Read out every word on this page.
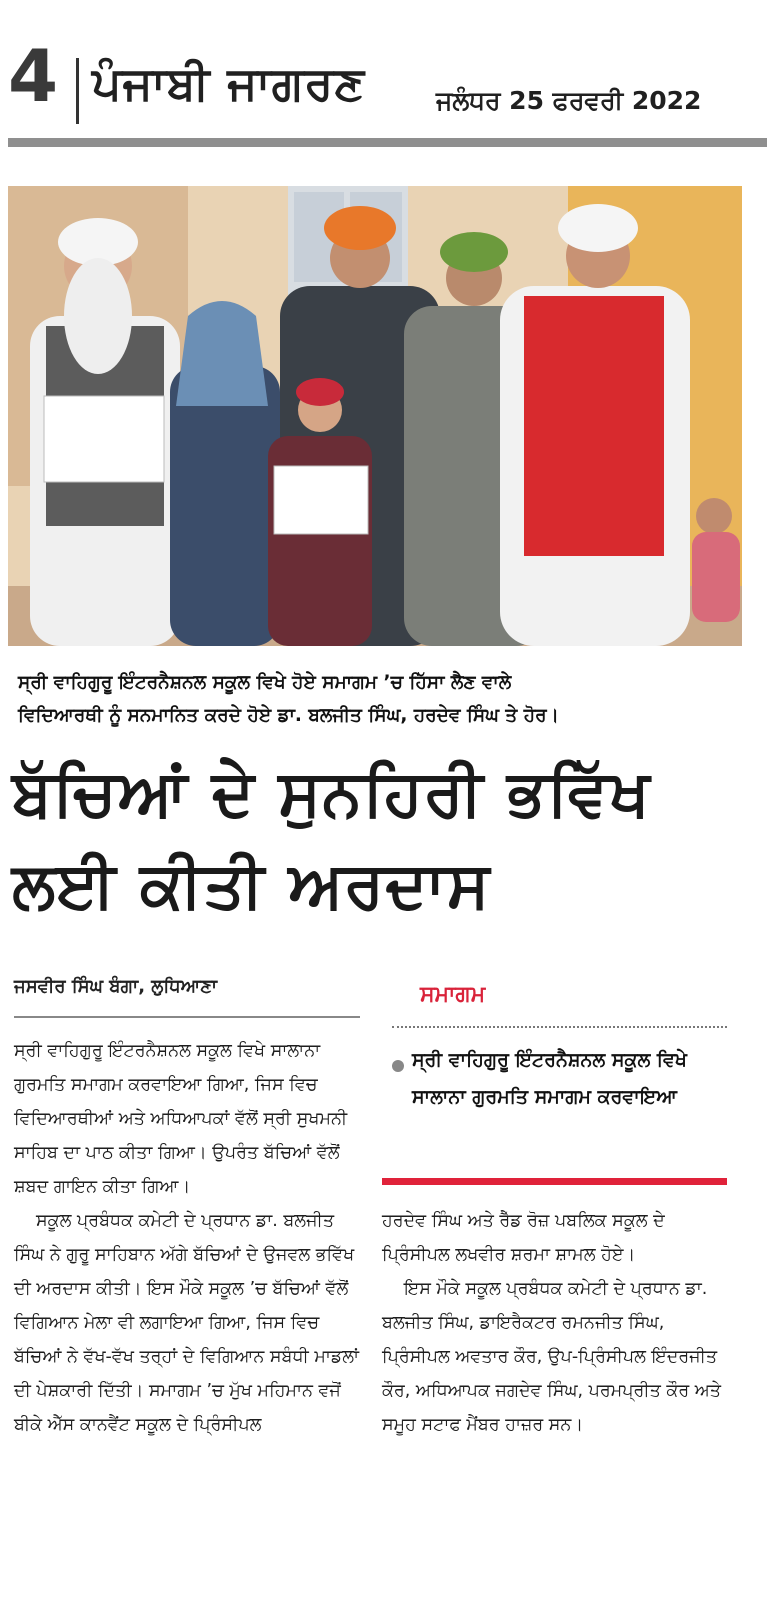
4 ਪੰਜਾਬੀ ਜਾਗਰਣ	ਜਲੰਧਰ 25 ਫਰਵਰੀ 2022
ਸ੍ਰੀ ਵਾਹਿਗੁਰੂ ਇੰਟਰਨੈਸ਼ਨਲ ਸਕੂਲ ਵਿਖੇ ਹੋਏ ਸਮਾਗਮ ’ਚ ਹਿੱਸਾ ਲੈਣ ਵਾਲੇ
ਵਿਦਿਆਰਥੀ ਨੂੰ ਸਨਮਾਨਿਤ ਕਰਦੇ ਹੋਏ ਡਾ. ਬਲਜੀਤ ਸਿੰਘ, ਹਰਦੇਵ ਸਿੰਘ ਤੇ ਹੋਰ।
ਬੱਚਿਆਂ ਦੇ ਸੁਨਹਿਰੀ ਭਵਿੱਖ
ਲਈ ਕੀਤੀ ਅਰਦਾਸ
ਜਸਵੀਰ ਸਿੰਘ ਬੰਗਾ, ਲੁਧਿਆਣਾ

ਸ੍ਰੀ ਵਾਹਿਗੁਰੂ ਇੰਟਰਨੈਸ਼ਨਲ ਸਕੂਲ ਵਿਖੇ ਸਾਲਾਨਾ ਗੁਰਮਤਿ ਸਮਾਗਮ ਕਰਵਾਇਆ ਗਿਆ, ਜਿਸ ਵਿਚ ਵਿਦਿਆਰਥੀਆਂ ਅਤੇ ਅਧਿਆਪਕਾਂ ਵੱਲੋਂ ਸ੍ਰੀ ਸੁਖਮਨੀ ਸਾਹਿਬ ਦਾ ਪਾਠ ਕੀਤਾ ਗਿਆ। ਉਪਰੰਤ ਬੱਚਿਆਂ ਵੱਲੋਂ ਸ਼ਬਦ ਗਾਇਨ ਕੀਤਾ ਗਿਆ।

ਸਕੂਲ ਪ੍ਰਬੰਧਕ ਕਮੇਟੀ ਦੇ ਪ੍ਰਧਾਨ ਡਾ. ਬਲਜੀਤ ਸਿੰਘ ਨੇ ਗੁਰੂ ਸਾਹਿਬਾਨ ਅੱਗੇ ਬੱਚਿਆਂ ਦੇ ਉਜਵਲ ਭਵਿੱਖ ਦੀ ਅਰਦਾਸ ਕੀਤੀ। ਇਸ ਮੌਕੇ ਸਕੂਲ ’ਚ ਬੱਚਿਆਂ ਵੱਲੋਂ ਵਿਗਿਆਨ ਮੇਲਾ ਵੀ ਲਗਾਇਆ ਗਿਆ, ਜਿਸ ਵਿਚ ਬੱਚਿਆਂ ਨੇ ਵੱਖ-ਵੱਖ ਤਰ੍ਹਾਂ ਦੇ ਵਿਗਿਆਨ ਸਬੰਧੀ ਮਾਡਲਾਂ ਦੀ ਪੇਸ਼ਕਾਰੀ ਦਿੱਤੀ। ਸਮਾਗਮ ’ਚ ਮੁੱਖ ਮਹਿਮਾਨ ਵਜੋਂ ਬੀਕੇ ਐੱਸ ਕਾਨਵੈਂਟ ਸਕੂਲ ਦੇ ਪ੍ਰਿੰਸੀਪਲ

ਸਮਾਗਮ
ਸ੍ਰੀ ਵਾਹਿਗੁਰੂ ਇੰਟਰਨੈਸ਼ਨਲ ਸਕੂਲ ਵਿਖੇ ਸਾਲਾਨਾ ਗੁਰਮਤਿ ਸਮਾਗਮ ਕਰਵਾਇਆ

ਹਰਦੇਵ ਸਿੰਘ ਅਤੇ ਰੈੱਡ ਰੋਜ਼ ਪਬਲਿਕ ਸਕੂਲ ਦੇ ਪ੍ਰਿੰਸੀਪਲ ਲਖਵੀਰ ਸ਼ਰਮਾ ਸ਼ਾਮਲ ਹੋਏ।

ਇਸ ਮੌਕੇ ਸਕੂਲ ਪ੍ਰਬੰਧਕ ਕਮੇਟੀ ਦੇ ਪ੍ਰਧਾਨ ਡਾ. ਬਲਜੀਤ ਸਿੰਘ, ਡਾਇਰੈਕਟਰ ਰਮਨਜੀਤ ਸਿੰਘ, ਪ੍ਰਿੰਸੀਪਲ ਅਵਤਾਰ ਕੌਰ, ਉਪ-ਪ੍ਰਿੰਸੀਪਲ ਇੰਦਰਜੀਤ ਕੌਰ, ਅਧਿਆਪਕ ਜਗਦੇਵ ਸਿੰਘ, ਪਰਮਪ੍ਰੀਤ ਕੌਰ ਅਤੇ ਸਮੂਹ ਸਟਾਫ ਮੈਂਬਰ ਹਾਜ਼ਰ ਸਨ।
